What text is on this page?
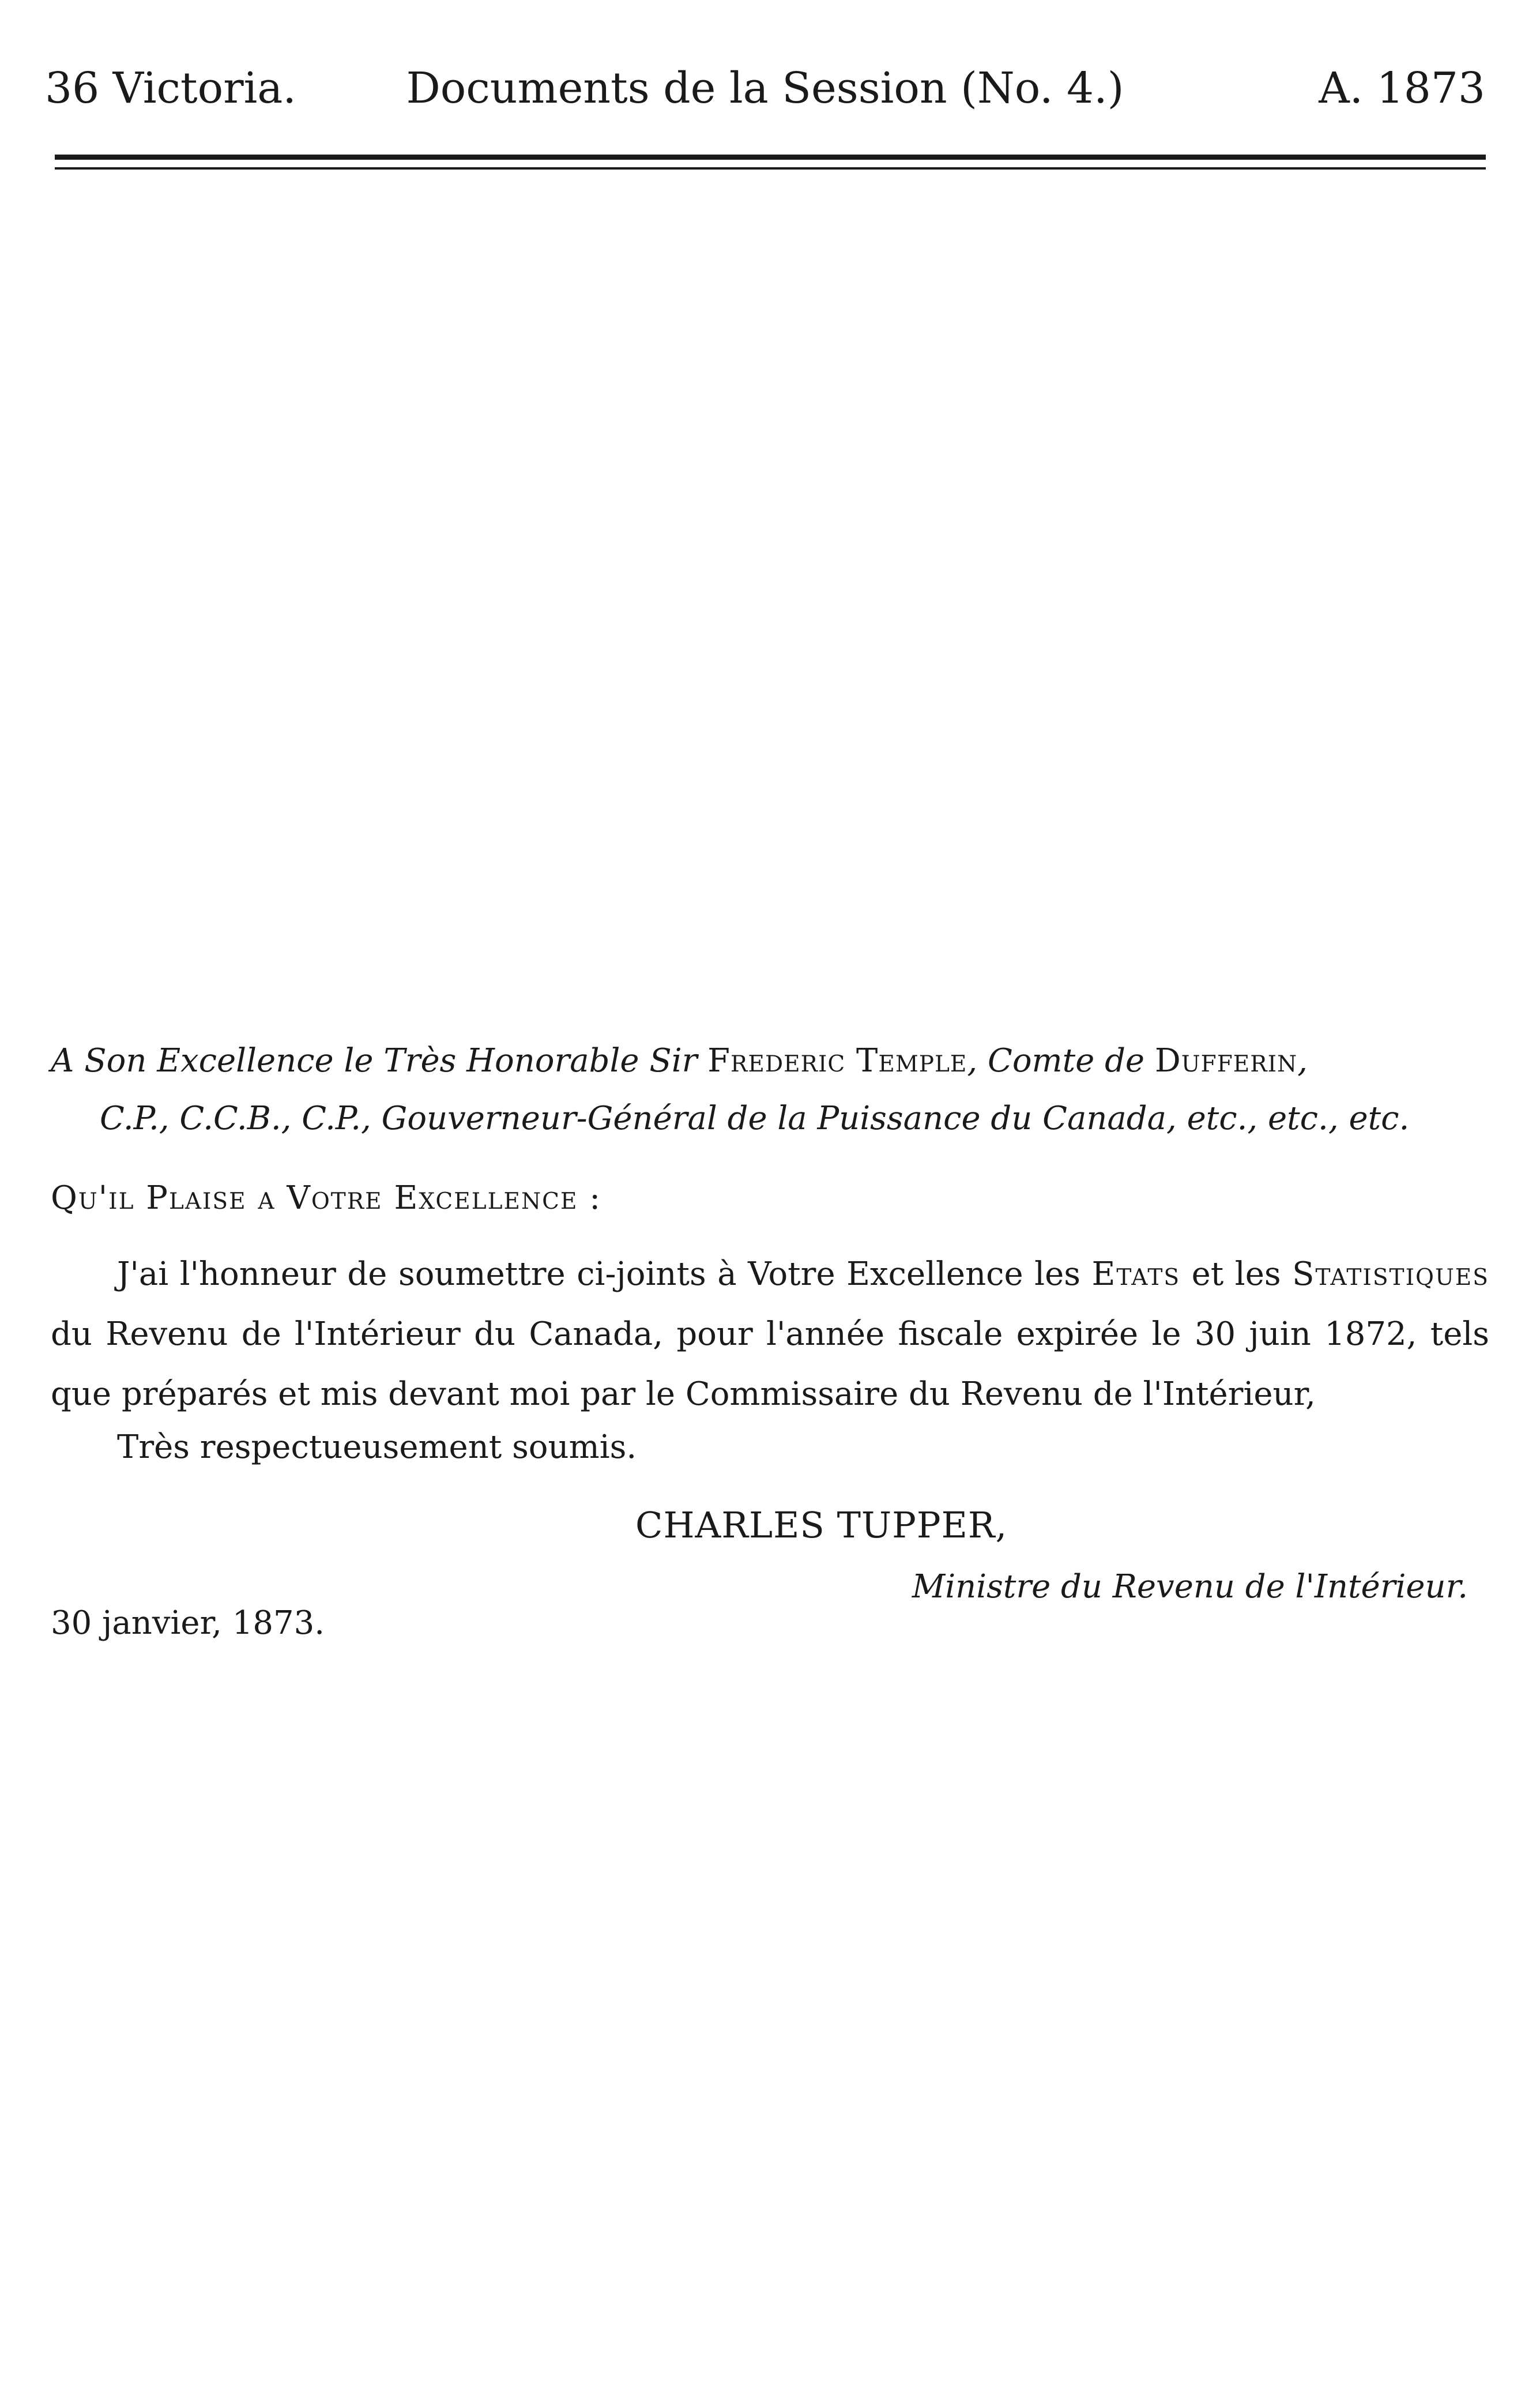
36 Victoria.	Documents de la Session (No. 4.)	A. 1873
A Son Excellence le Très Honorable Sir Frederic Temple, Comte de Dufferin,
C.P., C.C.B., C.P., Gouverneur-Général de la Puissance du Canada, etc., etc., etc.
Qu'il Plaise a Votre Excellence :
J'ai l'honneur de soumettre ci-joints à Votre Excellence les Etats et les Statistiques du Revenu de l'Intérieur du Canada, pour l'année fiscale expirée le 30 juin 1872, tels que préparés et mis devant moi par le Commissaire du Revenu de l'Intérieur,
Très respectueusement soumis.
CHARLES TUPPER,
Ministre du Revenu de l'Intérieur.
30 janvier, 1873.
